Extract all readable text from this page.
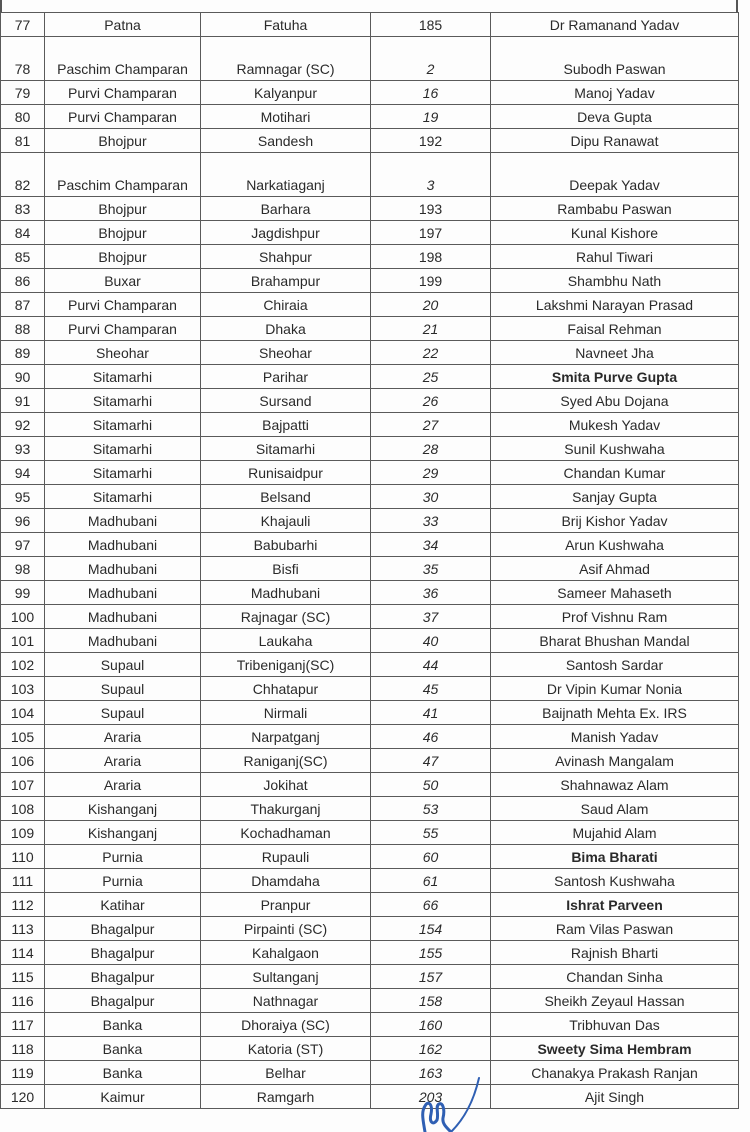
77	Patna	Fatuha	185	Dr Ramanand Yadav
78	Paschim Champaran	Ramnagar (SC)	2	Subodh Paswan
79	Purvi Champaran	Kalyanpur	16	Manoj Yadav
80	Purvi Champaran	Motihari	19	Deva Gupta
81	Bhojpur	Sandesh	192	Dipu Ranawat
82	Paschim Champaran	Narkatiaganj	3	Deepak Yadav
83	Bhojpur	Barhara	193	Rambabu Paswan
84	Bhojpur	Jagdishpur	197	Kunal Kishore
85	Bhojpur	Shahpur	198	Rahul Tiwari
86	Buxar	Brahampur	199	Shambhu Nath
87	Purvi Champaran	Chiraia	20	Lakshmi Narayan Prasad
88	Purvi Champaran	Dhaka	21	Faisal Rehman
89	Sheohar	Sheohar	22	Navneet Jha
90	Sitamarhi	Parihar	25	Smita Purve Gupta
91	Sitamarhi	Sursand	26	Syed Abu Dojana
92	Sitamarhi	Bajpatti	27	Mukesh Yadav
93	Sitamarhi	Sitamarhi	28	Sunil Kushwaha
94	Sitamarhi	Runisaidpur	29	Chandan Kumar
95	Sitamarhi	Belsand	30	Sanjay Gupta
96	Madhubani	Khajauli	33	Brij Kishor Yadav
97	Madhubani	Babubarhi	34	Arun Kushwaha
98	Madhubani	Bisfi	35	Asif Ahmad
99	Madhubani	Madhubani	36	Sameer Mahaseth
100	Madhubani	Rajnagar (SC)	37	Prof Vishnu Ram
101	Madhubani	Laukaha	40	Bharat Bhushan Mandal
102	Supaul	Tribeniganj(SC)	44	Santosh Sardar
103	Supaul	Chhatapur	45	Dr Vipin Kumar Nonia
104	Supaul	Nirmali	41	Baijnath Mehta Ex. IRS
105	Araria	Narpatganj	46	Manish Yadav
106	Araria	Raniganj(SC)	47	Avinash Mangalam
107	Araria	Jokihat	50	Shahnawaz Alam
108	Kishanganj	Thakurganj	53	Saud Alam
109	Kishanganj	Kochadhaman	55	Mujahid Alam
110	Purnia	Rupauli	60	Bima Bharati
111	Purnia	Dhamdaha	61	Santosh Kushwaha
112	Katihar	Pranpur	66	Ishrat Parveen
113	Bhagalpur	Pirpainti (SC)	154	Ram Vilas Paswan
114	Bhagalpur	Kahalgaon	155	Rajnish Bharti
115	Bhagalpur	Sultanganj	157	Chandan Sinha
116	Bhagalpur	Nathnagar	158	Sheikh Zeyaul Hassan
117	Banka	Dhoraiya (SC)	160	Tribhuvan Das
118	Banka	Katoria (ST)	162	Sweety Sima Hembram
119	Banka	Belhar	163	Chanakya Prakash Ranjan
120	Kaimur	Ramgarh	203	Ajit Singh
